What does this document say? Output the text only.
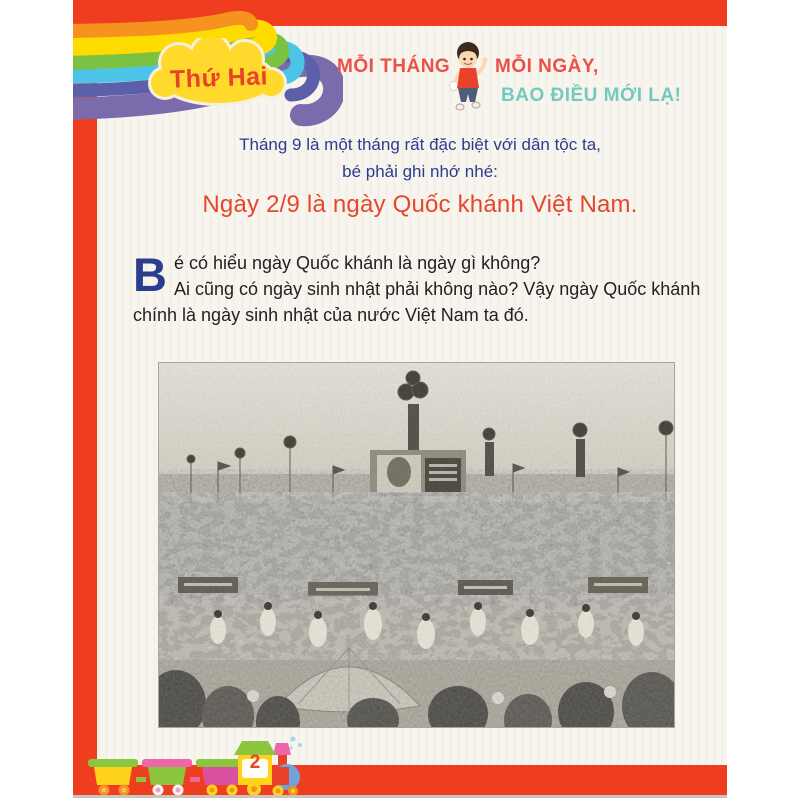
Thứ Hai	MỖI THÁNG MỖI NGÀY,
BAO ĐIỀU MỚI LẠ!
Tháng 9 là một tháng rất đặc biệt với dân tộc ta,
bé phải ghi nhớ nhé:
Ngày 2/9 là ngày Quốc khánh Việt Nam.

Bé có hiểu ngày Quốc khánh là ngày gì không?
Ai cũng có ngày sinh nhật phải không nào? Vậy ngày Quốc khánh
chính là ngày sinh nhật của nước Việt Nam ta đó.

2
